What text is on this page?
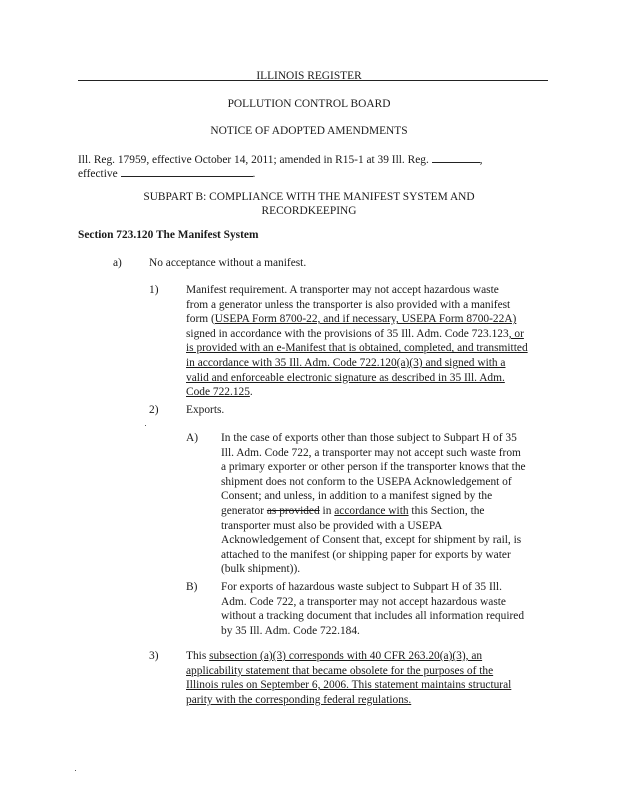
ILLINOIS REGISTER
POLLUTION CONTROL BOARD
NOTICE OF ADOPTED AMENDMENTS
Ill. Reg. 17959, effective October 14, 2011; amended in R15-1 at 39 Ill. Reg.	,
effective	.
SUBPART B: COMPLIANCE WITH THE MANIFEST SYSTEM AND
RECORDKEEPING
Section 723.120 The Manifest System
a) No acceptance without a manifest.
1) Manifest requirement. A transporter may not accept hazardous waste
from a generator unless the transporter is also provided with a manifest
form (USEPA Form 8700-22, and if necessary, USEPA Form 8700-22A)
signed in accordance with the provisions of 35 Ill. Adm. Code 723.123, or
is provided with an e-Manifest that is obtained, completed, and transmitted
in accordance with 35 Ill. Adm. Code 722.120(a)(3) and signed with a
valid and enforceable electronic signature as described in 35 Ill. Adm.
Code 722.125.
2) Exports.
A) In the case of exports other than those subject to Subpart H of 35
Ill. Adm. Code 722, a transporter may not accept such waste from
a primary exporter or other person if the transporter knows that the
shipment does not conform to the USEPA Acknowledgement of
Consent; and unless, in addition to a manifest signed by the
generator as provided in accordance with this Section, the
transporter must also be provided with a USEPA
Acknowledgement of Consent that, except for shipment by rail, is
attached to the manifest (or shipping paper for exports by water
(bulk shipment)).
B) For exports of hazardous waste subject to Subpart H of 35 Ill.
Adm. Code 722, a transporter may not accept hazardous waste
without a tracking document that includes all information required
by 35 Ill. Adm. Code 722.184.
3) This subsection (a)(3) corresponds with 40 CFR 263.20(a)(3), an
applicability statement that became obsolete for the purposes of the
Illinois rules on September 6, 2006. This statement maintains structural
parity with the corresponding federal regulations.
